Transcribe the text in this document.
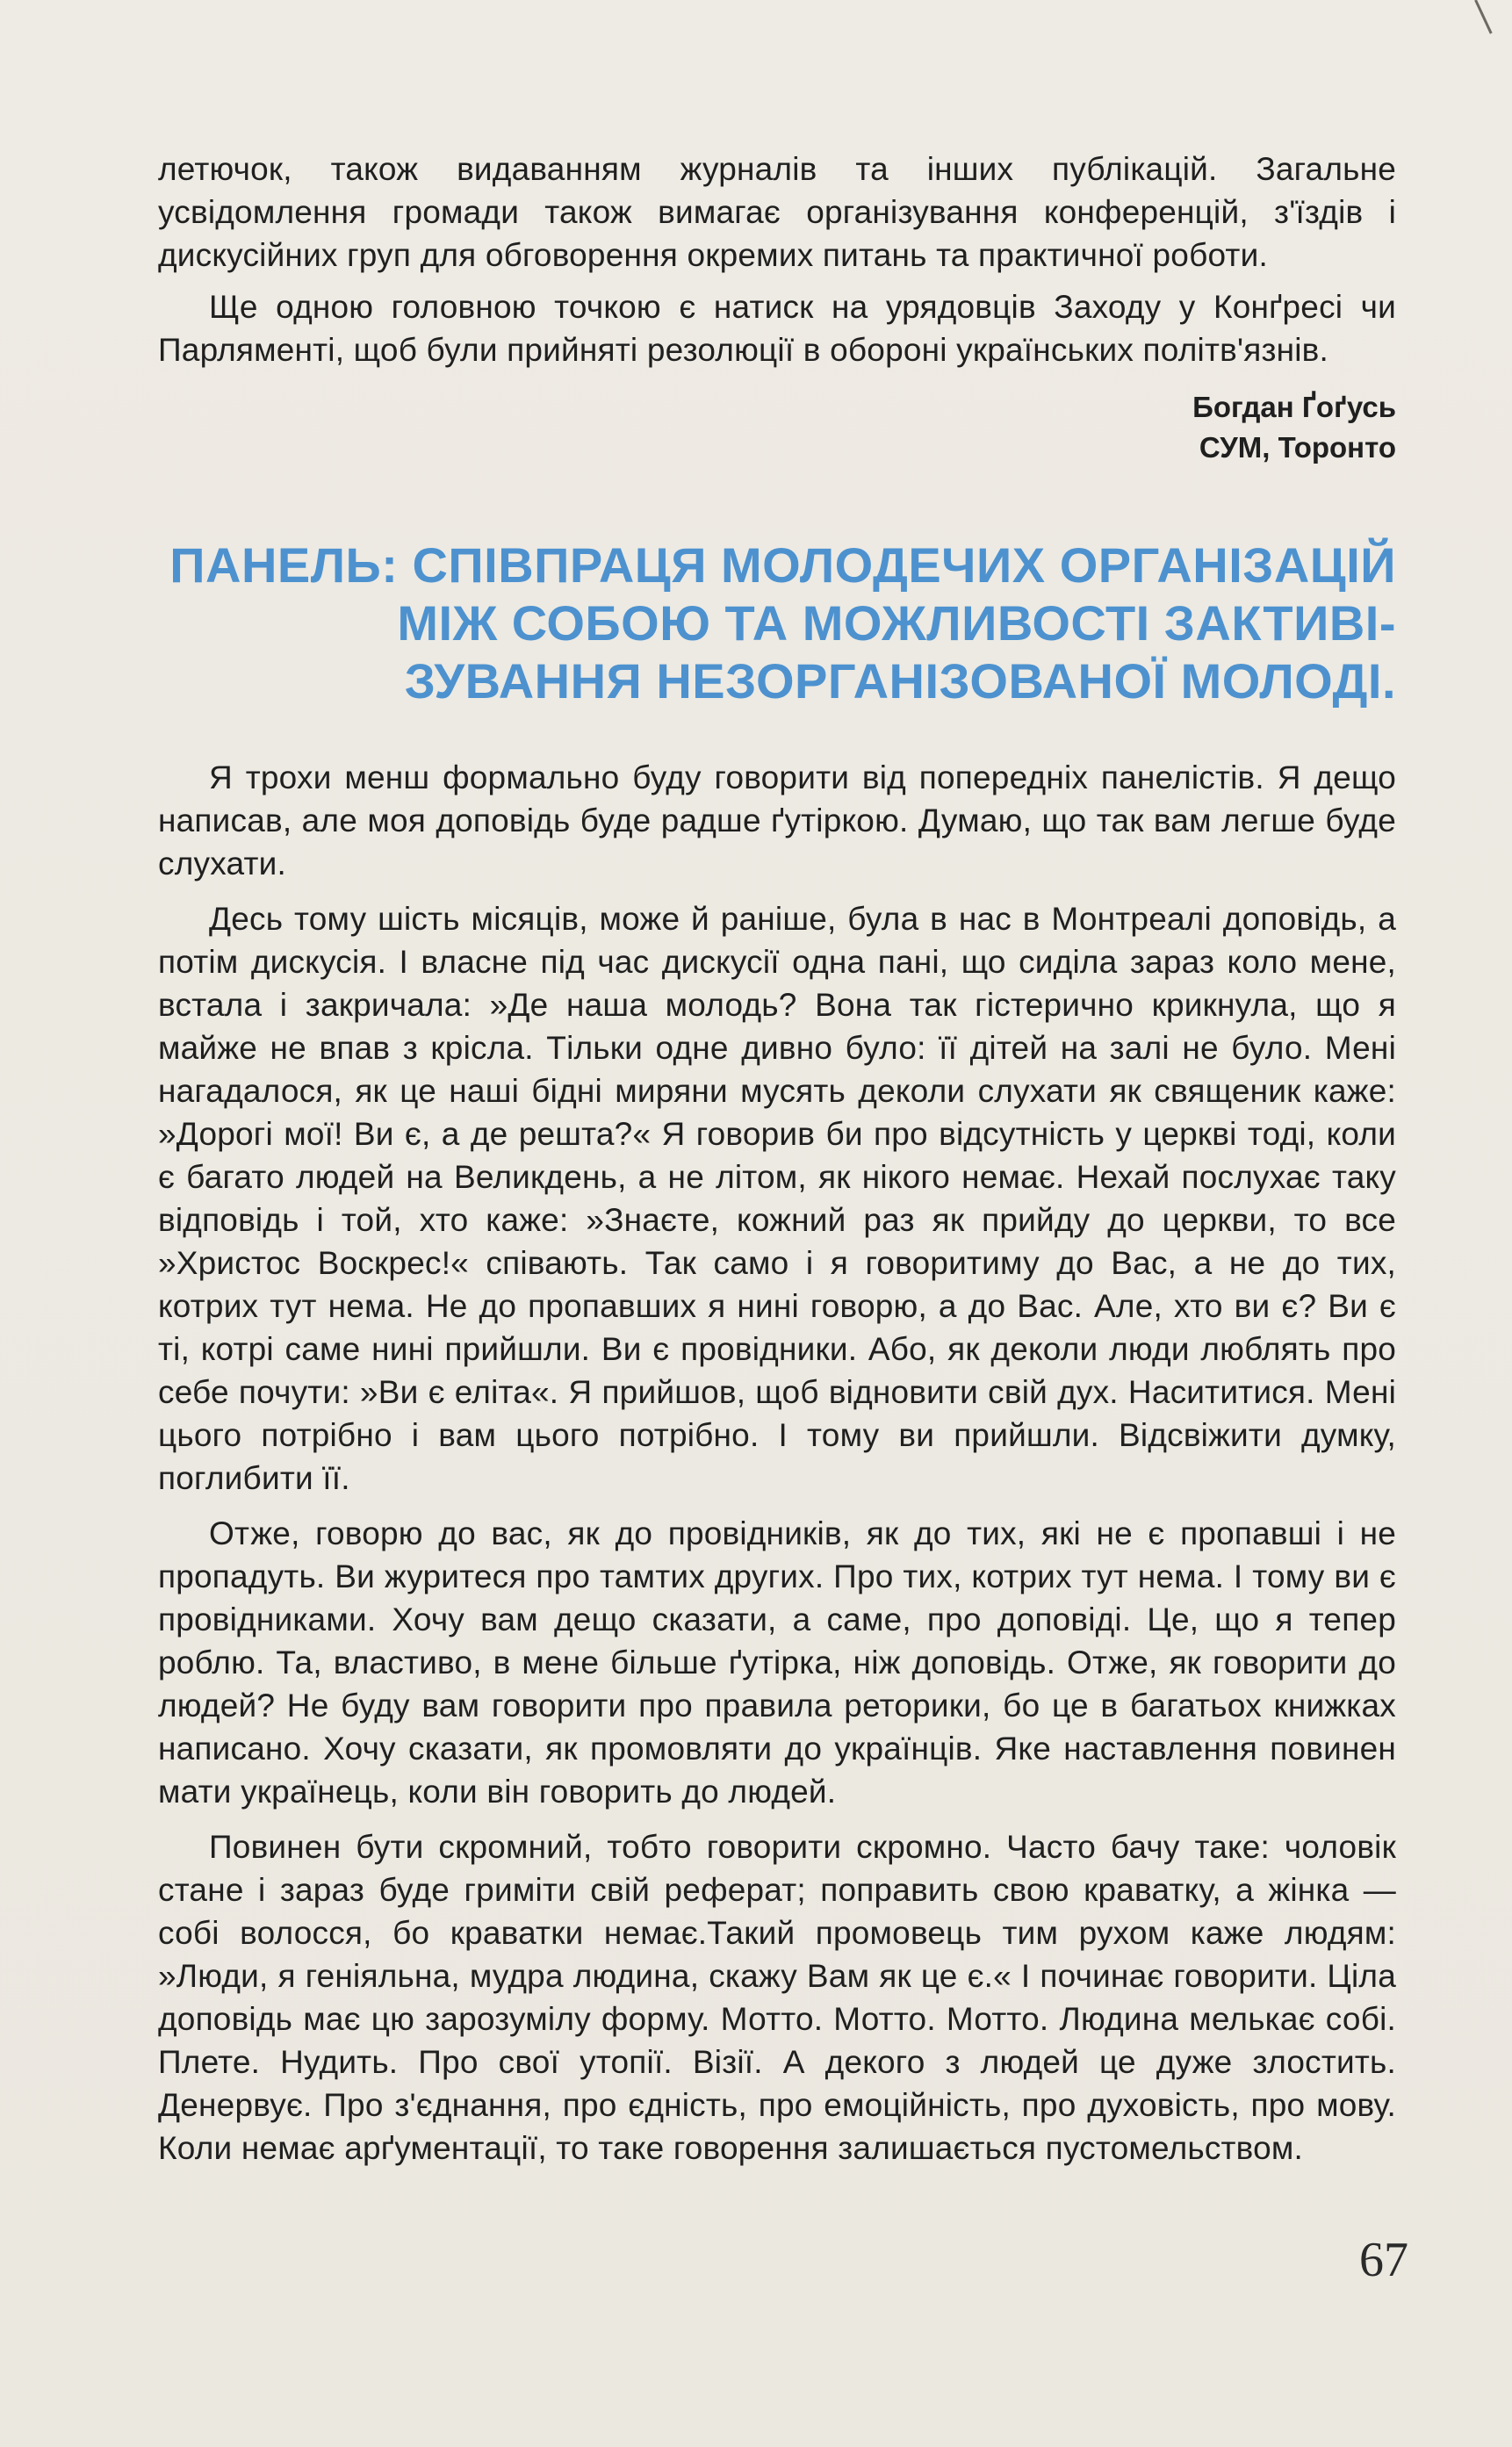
летючок, також видаванням журналів та інших публікацій. Загальне усвідомлення громади також вимагає організування конференцій, з'їздів і дискусійних груп для обговорення окремих питань та практичної роботи.

Ще одною головною точкою є натиск на урядовців Заходу у Конґресі чи Парляменті, щоб були прийняті резолюції в обороні українських політв'язнів.

Богдан Ґоґусь
СУМ, Торонто
ПАНЕЛЬ: СПІВПРАЦЯ МОЛОДЕЧИХ ОРГАНІЗАЦІЙ
МІЖ СОБОЮ ТА МОЖЛИВОСТІ ЗАКТИВІ-
ЗУВАННЯ НЕЗОРГАНІЗОВАНОЇ МОЛОДІ.

Я трохи менш формально буду говорити від попередніх панелістів. Я дещо написав, але моя доповідь буде радше ґутіркою. Думаю, що так вам легше буде слухати.

Десь тому шість місяців, може й раніше, була в нас в Монтреалі доповідь, а потім дискусія. І власне під час дискусії одна пані, що сиділа зараз коло мене, встала і закричала: »Де наша молодь? Вона так гістерично крикнула, що я майже не впав з крісла. Тільки одне дивно було: її дітей на залі не було. Мені нагадалося, як це наші бідні миряни мусять деколи слухати як священик каже: »Дорогі мої! Ви є, а де решта?« Я говорив би про відсутність у церкві тоді, коли є багато людей на Великдень, а не літом, як нікого немає. Нехай послухає таку відповідь і той, хто каже: »Знаєте, кожний раз як прийду до церкви, то все »Христос Воскрес!« співають. Так само і я говоритиму до Вас, а не до тих, котрих тут нема. Не до пропавших я нині говорю, а до Вас. Але, хто ви є? Ви є ті, котрі саме нині прийшли. Ви є провідники. Або, як деколи люди люблять про себе почути: »Ви є еліта«. Я прийшов, щоб відновити свій дух. Насититися. Мені цього потрібно і вам цього потрібно. І тому ви прийшли. Відсвіжити думку, поглибити її.

Отже, говорю до вас, як до провідників, як до тих, які не є пропавші і не пропадуть. Ви журитеся про тамтих других. Про тих, котрих тут нема. І тому ви є провідниками. Хочу вам дещо сказати, а саме, про доповіді. Це, що я тепер роблю. Та, властиво, в мене більше ґутірка, ніж доповідь. Отже, як говорити до людей? Не буду вам говорити про правила реторики, бо це в багатьох книжках написано. Хочу сказати, як промовляти до українців. Яке наставлення повинен мати українець, коли він говорить до людей.

Повинен бути скромний, тобто говорити скромно. Часто бачу таке: чоловік стане і зараз буде гриміти свій реферат; поправить свою краватку, а жінка — собі волосся, бо краватки немає.Такий промовець тим рухом каже людям: »Люди, я геніяльна, мудра людина, скажу Вам як це є.« І починає говорити. Ціла доповідь має цю зарозумілу форму. Мотто. Мотто. Мотто. Людина мелькає собі. Плете. Нудить. Про свої утопії. Візії. А декого з людей це дуже злостить. Денервує. Про з'єднання, про єдність, про емоційність, про духовість, про мову. Коли немає арґументації, то таке говорення залишається пустомельством.

67
